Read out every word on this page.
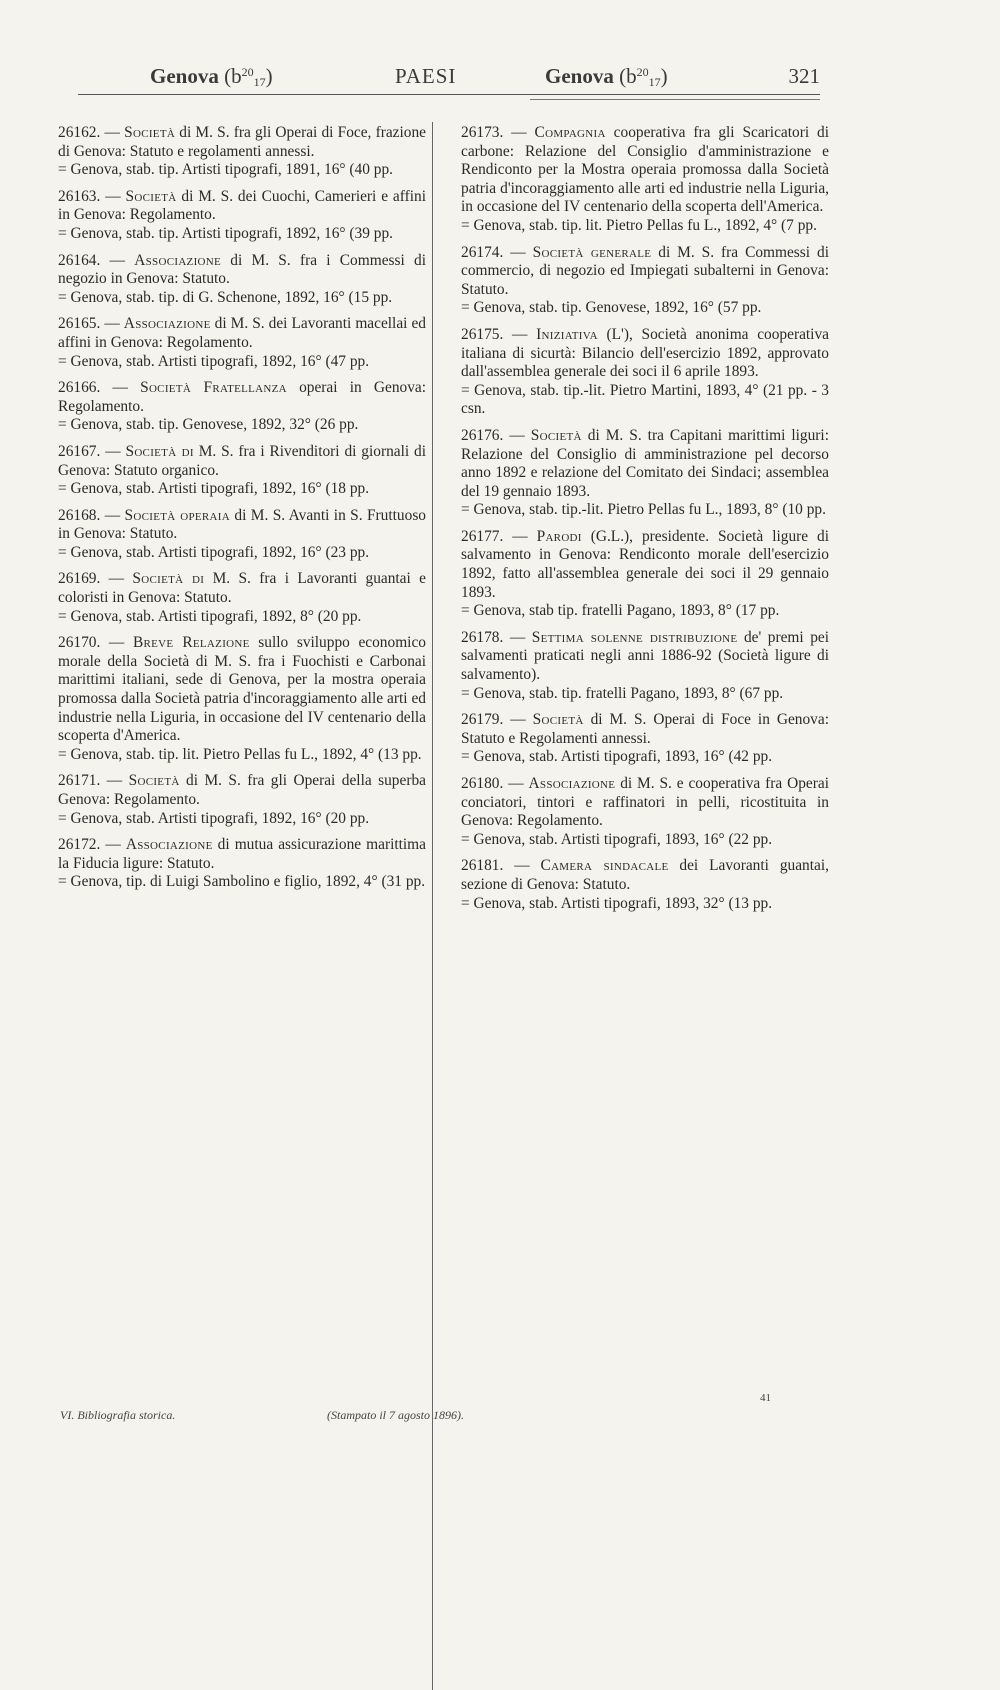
Genova $(b^{20}_{17})$	PAESI	Genova $(b^{20}_{17})$	321
26162. — Società di M. S. fra gli Operai di Foce, frazione di Genova: Statuto e regolamenti annessi.
= Genova, stab. tip. Artisti tipografi, 1891, 16° (40 pp.
26163. — Società di M. S. dei Cuochi, Camerieri e affini in Genova: Regolamento.
= Genova, stab. tip. Artisti tipografi, 1892, 16° (39 pp.
26164. — Associazione di M. S. fra i Commessi di negozio in Genova: Statuto.
= Genova, stab. tip. di G. Schenone, 1892, 16° (15 pp.
26165. — Associazione di M. S. dei Lavoranti macellai ed affini in Genova: Regolamento.
= Genova, stab. Artisti tipografi, 1892, 16° (47 pp.
26166. — Società Fratellanza operai in Genova: Regolamento.
= Genova, stab. tip. Genovese, 1892, 32° (26 pp.
26167. — Società di M. S. fra i Rivenditori di giornali di Genova: Statuto organico.
= Genova, stab. Artisti tipografi, 1892, 16° (18 pp.
26168. — Società operaia di M. S. Avanti in S. Fruttuoso in Genova: Statuto.
= Genova, stab. Artisti tipografi, 1892, 16° (23 pp.
26169. — Società di M. S. fra i Lavoranti guantai e coloristi in Genova: Statuto.
= Genova, stab. Artisti tipografi, 1892, 8° (20 pp.
26170. — Breve Relazione sullo sviluppo economico morale della Società di M. S. fra i Fuochisti e Carbonai marittimi italiani, sede di Genova, per la mostra operaia promossa dalla Società patria d'incoraggiamento alle arti ed industrie nella Liguria, in occasione del IV centenario della scoperta d'America.
= Genova, stab. tip. lit. Pietro Pellas fu L., 1892, 4° (13 pp.
26171. — Società di M. S. fra gli Operai della superba Genova: Regolamento.
= Genova, stab. Artisti tipografi, 1892, 16° (20 pp.
26172. — Associazione di mutua assicurazione marittima la Fiducia ligure: Statuto.
= Genova, tip. di Luigi Sambolino e figlio, 1892, 4° (31 pp.
26173. — Compagnia cooperativa fra gli Scaricatori di carbone: Relazione del Consiglio d'amministrazione e Rendiconto per la Mostra operaia promossa dalla Società patria d'incoraggiamento alle arti ed industrie nella Liguria, in occasione del IV centenario della scoperta dell'America.
= Genova, stab. tip. lit. Pietro Pellas fu L., 1892, 4° (7 pp.
26174. — Società generale di M. S. fra Commessi di commercio, di negozio ed Impiegati subalterni in Genova: Statuto.
= Genova, stab. tip. Genovese, 1892, 16° (57 pp.
26175. — Iniziativa (L'), Società anonima cooperativa italiana di sicurtà: Bilancio dell'esercizio 1892, approvato dall'assemblea generale dei soci il 6 aprile 1893.
= Genova, stab. tip.-lit. Pietro Martini, 1893, 4° (21 pp. - 3 csn.
26176. — Società di M. S. tra Capitani marittimi liguri: Relazione del Consiglio di amministrazione pel decorso anno 1892 e relazione del Comitato dei Sindaci; assemblea del 19 gennaio 1893.
= Genova, stab. tip.-lit. Pietro Pellas fu L., 1893, 8° (10 pp.
26177. — Parodi (G.L.), presidente. Società ligure di salvamento in Genova: Rendiconto morale dell'esercizio 1892, fatto all'assemblea generale dei soci il 29 gennaio 1893.
= Genova, stab tip. fratelli Pagano, 1893, 8° (17 pp.
26178. — Settima solenne distribuzione de' premi pei salvamenti praticati negli anni 1886-92 (Società ligure di salvamento).
= Genova, stab. tip. fratelli Pagano, 1893, 8° (67 pp.
26179. — Società di M. S. Operai di Foce in Genova: Statuto e Regolamenti annessi.
= Genova, stab. Artisti tipografi, 1893, 16° (42 pp.
26180. — Associazione di M. S. e cooperativa fra Operai conciatori, tintori e raffinatori in pelli, ricostituita in Genova: Regolamento.
= Genova, stab. Artisti tipografi, 1893, 16° (22 pp.
26181. — Camera sindacale dei Lavoranti guantai, sezione di Genova: Statuto.
= Genova, stab. Artisti tipografi, 1893, 32° (13 pp.
VI. Bibliografia storica.	(Stampato il 7 agosto 1896).
41
